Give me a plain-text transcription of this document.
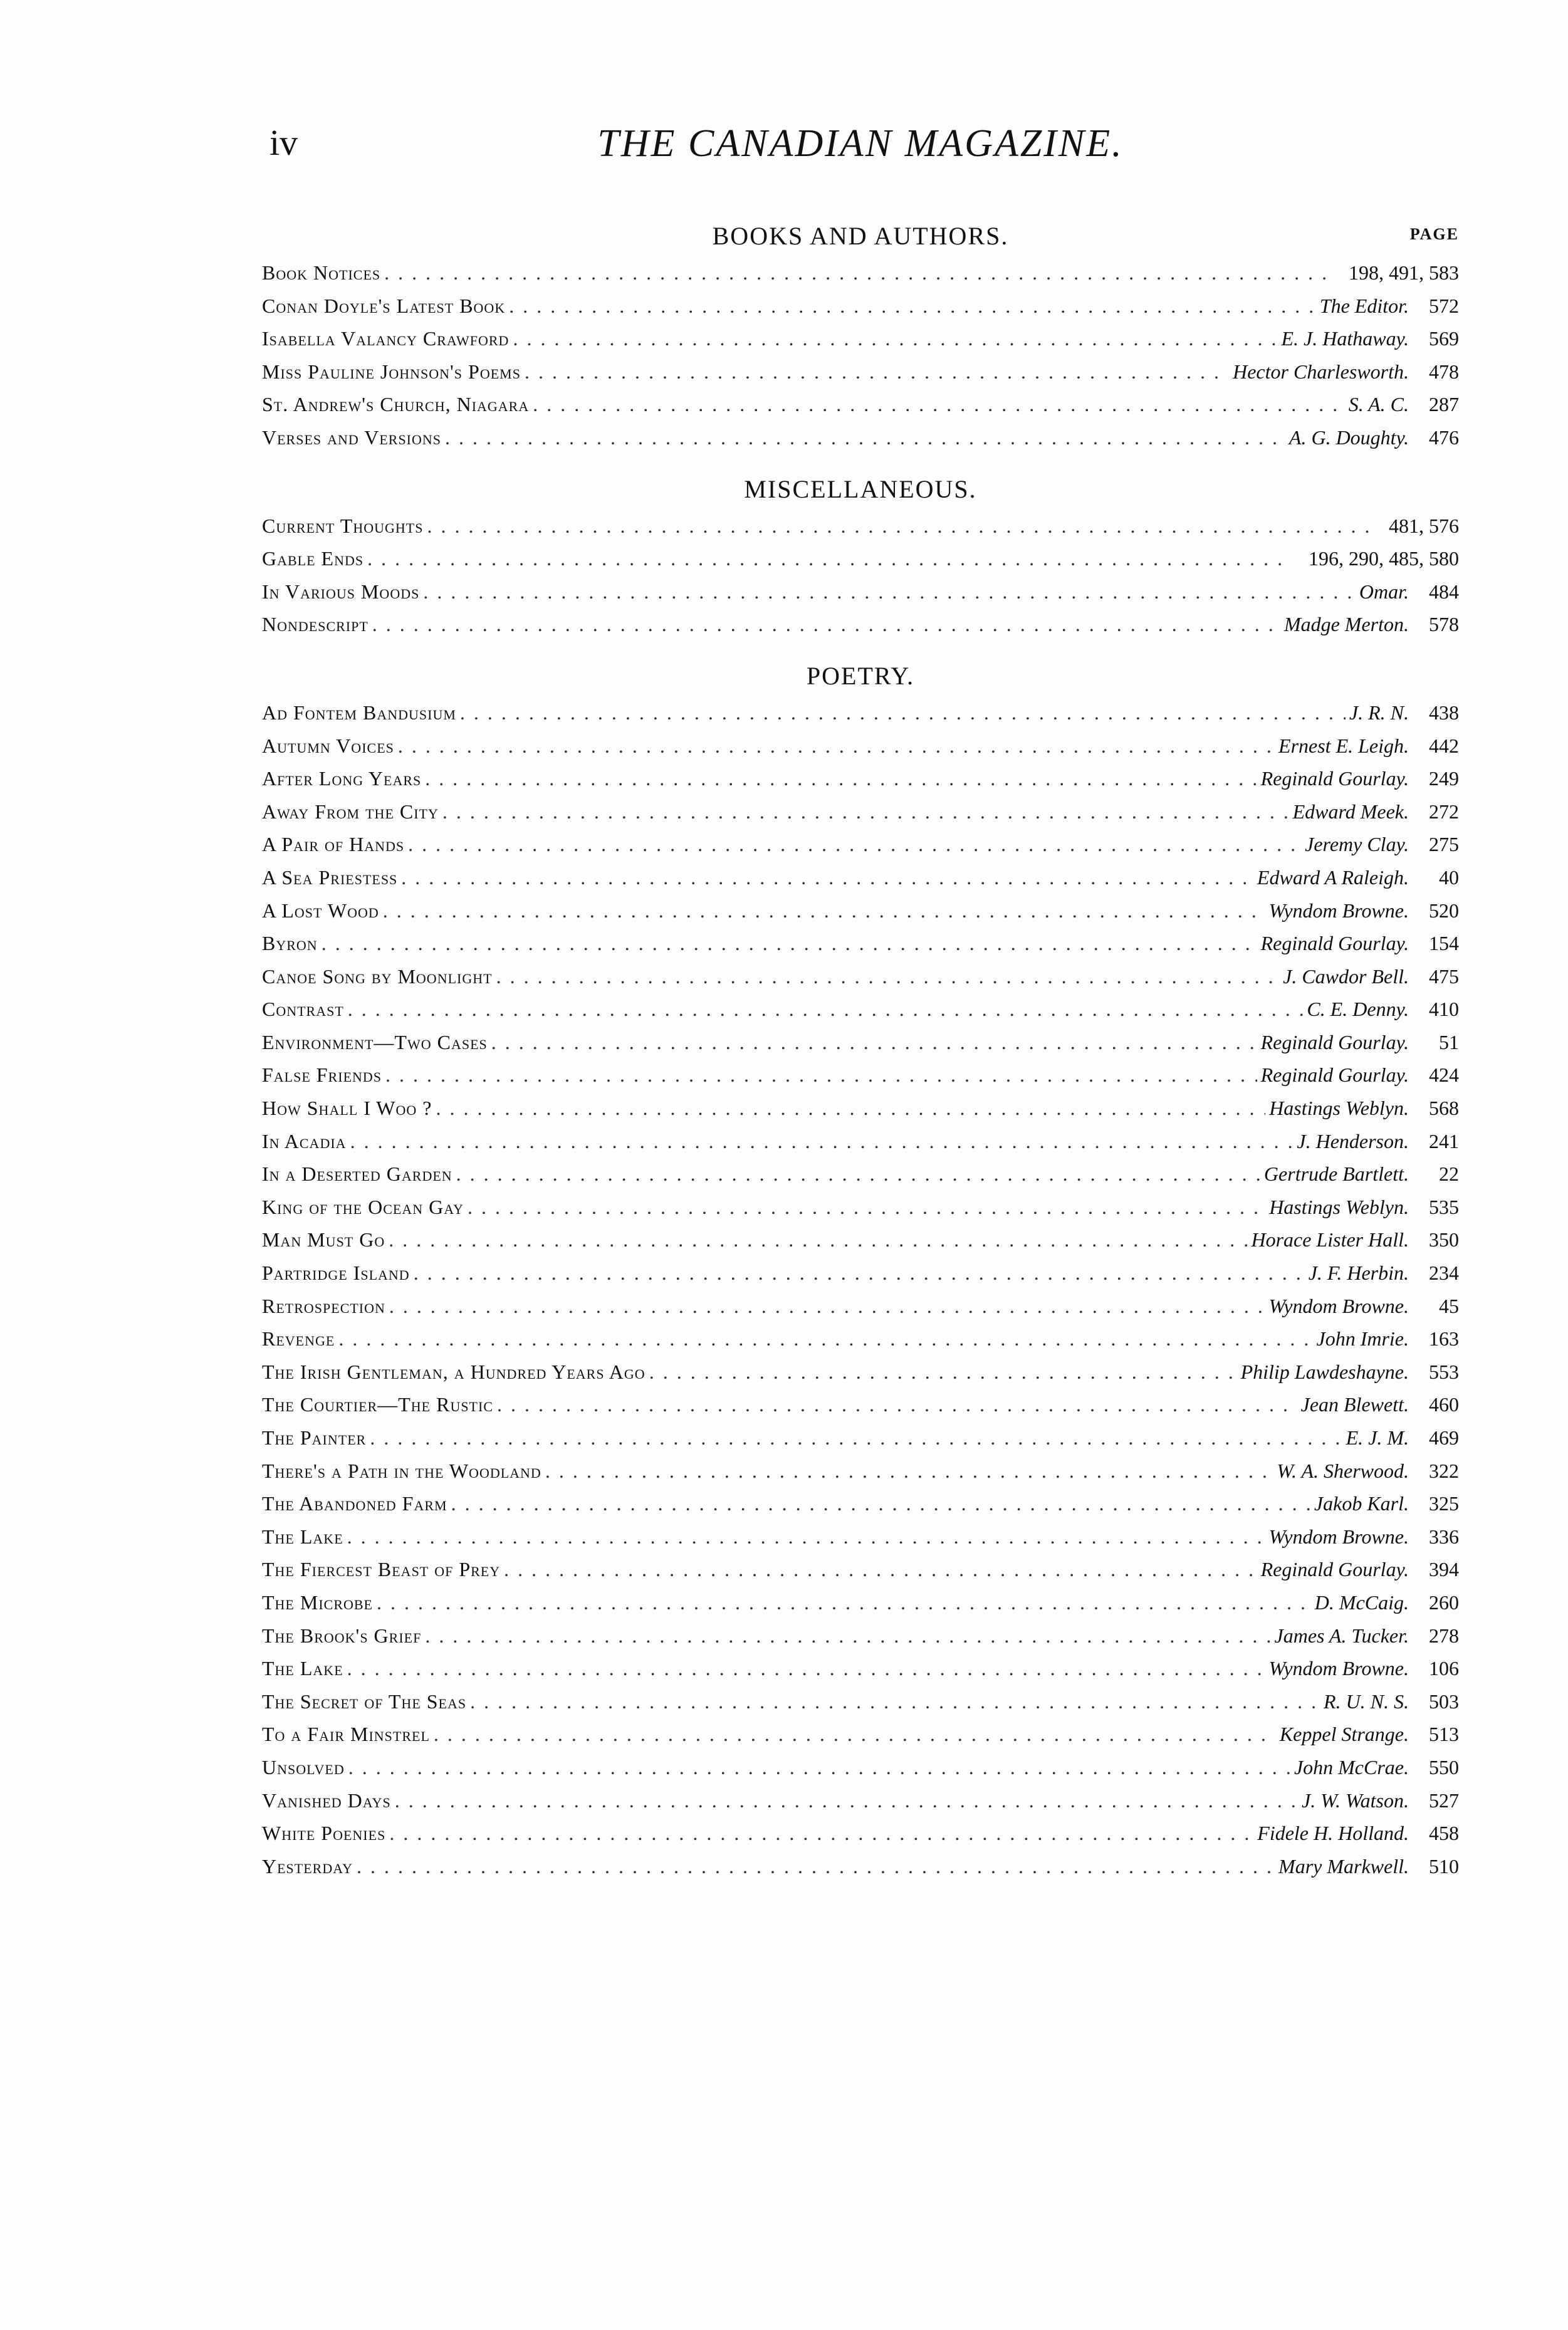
iv	THE CANADIAN MAGAZINE.
BOOKS AND AUTHORS.	PAGE
Book Notices . . .	198, 491, 583
Conan Doyle's Latest Book . . .	The Editor.	572
Isabella Valancy Crawford . . .	E. J. Hathaway.	569
Miss Pauline Johnson's Poems . . .	Hector Charlesworth.	478
St. Andrew's Church, Niagara . . .	S. A. C.	287
Verses and Versions . . .	A. G. Doughty.	476
MISCELLANEOUS.
Current Thoughts . . .	481, 576
Gable Ends . . .	196, 290, 485, 580
In Various Moods . . .	Omar.	484
Nondescript . . .	Madge Merton.	578
POETRY.
Ad Fontem Bandusium . . .	J. R. N.	438
Autumn Voices . . .	Ernest E. Leigh.	442
After Long Years . . .	Reginald Gourlay.	249
Away From the City . . .	Edward Meek.	272
A Pair of Hands . . .	Jeremy Clay.	275
A Sea Priestess . . .	Edward A Raleigh.	40
A Lost Wood . . .	Wyndom Browne.	520
Byron . . .	Reginald Gourlay.	154
Canoe Song by Moonlight . . .	J. Cawdor Bell.	475
Contrast . . .	C. E. Denny.	410
Environment—Two Cases . . .	Reginald Gourlay.	51
False Friends . . .	Reginald Gourlay.	424
How Shall I Woo ? . . .	Hastings Weblyn.	568
In Acadia . . .	J. Henderson.	241
In a Deserted Garden . . .	Gertrude Bartlett.	22
King of the Ocean Gay . . .	Hastings Weblyn.	535
Man Must Go . . .	Horace Lister Hall.	350
Partridge Island . . .	J. F. Herbin.	234
Retrospection . . .	Wyndom Browne.	45
Revenge . . .	John Imrie.	163
The Irish Gentleman, a Hundred Years Ago . . .	Philip Lawdeshayne.	553
The Courtier—The Rustic . . .	Jean Blewett.	460
The Painter . . .	E. J. M.	469
There's a Path in the Woodland . . .	W. A. Sherwood.	322
The Abandoned Farm . . .	Jakob Karl.	325
The Lake . . .	Wyndom Browne.	336
The Fiercest Beast of Prey . . .	Reginald Gourlay.	394
The Microbe . . .	D. McCaig.	260
The Brook's Grief . . .	James A. Tucker.	278
The Lake . . .	Wyndom Browne.	106
The Secret of The Seas . . .	R. U. N. S.	503
To a Fair Minstrel . . .	Keppel Strange.	513
Unsolved . . .	John McCrae.	550
Vanished Days . . .	J. W. Watson.	527
White Poenies . . .	Fidele H. Holland.	458
Yesterday . . .	Mary Markwell.	510
